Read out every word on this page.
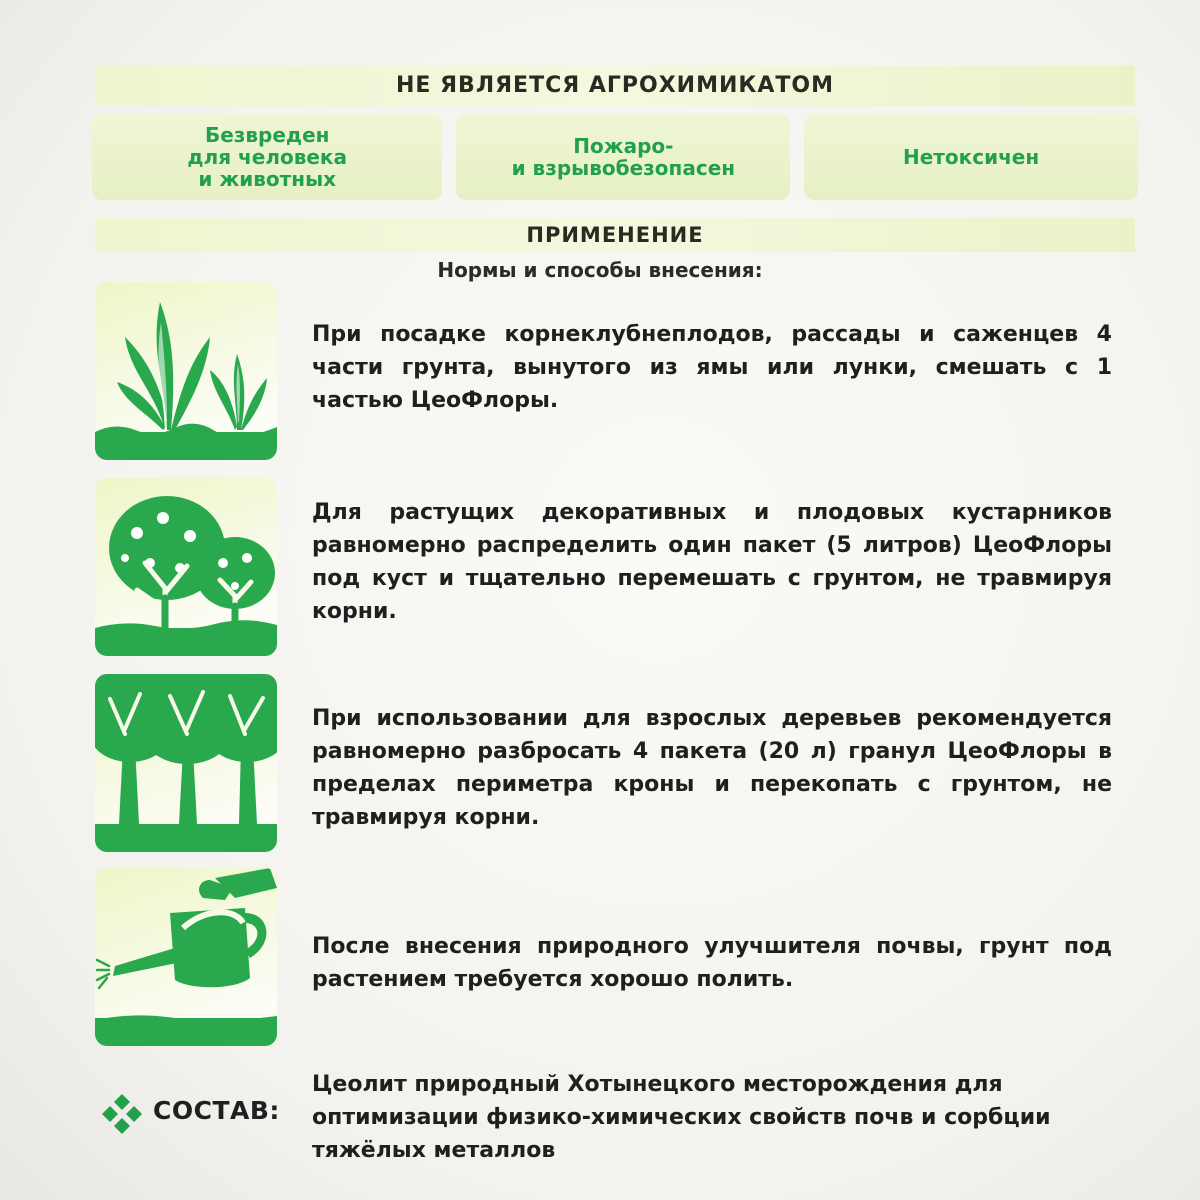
НЕ ЯВЛЯЕТСЯ АГРОХИМИКАТОМ
Безвреден
для человека
и животных
Пожаро-
и взрывобезопасен	Нетоксичен
ПРИМЕНЕНИЕ
Нормы и способы внесения:
При посадке корнеклубнеплодов, рассады и саженцев 4 части грунта, вынутого из ямы или лунки, смешать с 1 частью ЦеоФлоры.
Для растущих декоративных и плодовых кустарников равномерно распределить один пакет (5 литров) ЦеоФлоры под куст и тщательно перемешать с грунтом, не травмируя корни.
При использовании для взрослых деревьев рекомендуется равномерно разбросать 4 пакета (20 л) гранул ЦеоФлоры в пределах периметра кроны и перекопать с грунтом, не травмируя корни.
После внесения природного улучшителя почвы, грунт под растением требуется хорошо полить.
СОСТАВ:
Цеолит природный Хотынецкого месторождения для оптимизации физико-химических свойств почв и сорбции тяжёлых металлов
